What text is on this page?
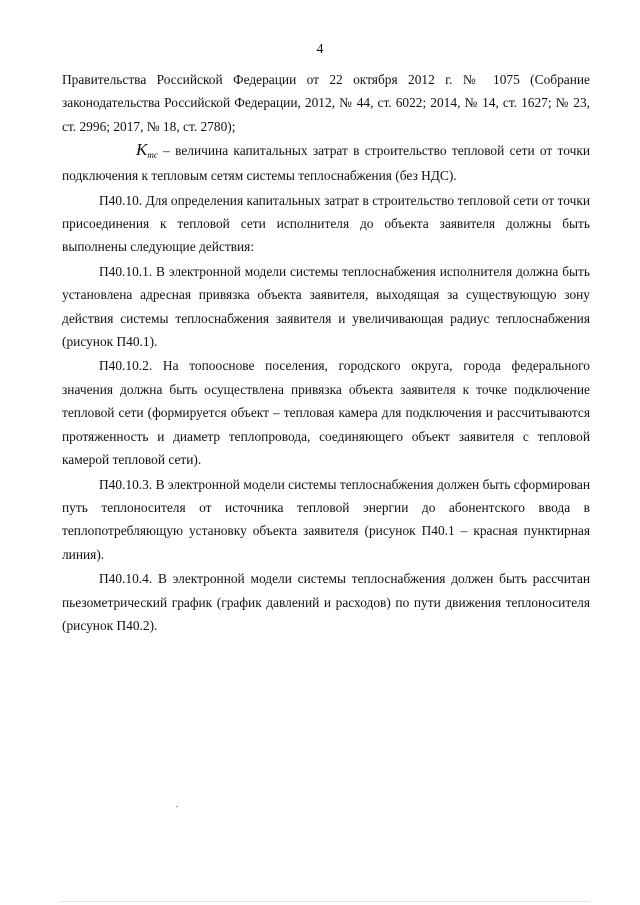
4

Правительства Российской Федерации от 22 октября 2012 г. № 1075 (Собрание законодательства Российской Федерации, 2012, № 44, ст. 6022; 2014, № 14, ст. 1627; № 23, ст. 2996; 2017, № 18, ст. 2780);

$K_{тс}$ – величина капитальных затрат в строительство тепловой сети от точки подключения к тепловым сетям системы теплоснабжения (без НДС).

П40.10. Для определения капитальных затрат в строительство тепловой сети от точки присоединения к тепловой сети исполнителя до объекта заявителя должны быть выполнены следующие действия:

П40.10.1. В электронной модели системы теплоснабжения исполнителя должна быть установлена адресная привязка объекта заявителя, выходящая за существующую зону действия системы теплоснабжения заявителя и увеличивающая радиус теплоснабжения (рисунок П40.1).

П40.10.2. На топооснове поселения, городского округа, города федерального значения должна быть осуществлена привязка объекта заявителя к точке подключение тепловой сети (формируется объект – тепловая камера для подключения и рассчитываются протяженность и диаметр теплопровода, соединяющего объект заявителя с тепловой камерой тепловой сети).

П40.10.3. В электронной модели системы теплоснабжения должен быть сформирован путь теплоносителя от источника тепловой энергии до абонентского ввода в теплопотребляющую установку объекта заявителя (рисунок П40.1 – красная пунктирная линия).

П40.10.4. В электронной модели системы теплоснабжения должен быть рассчитан пьезометрический график (график давлений и расходов) по пути движения теплоносителя (рисунок П40.2).
